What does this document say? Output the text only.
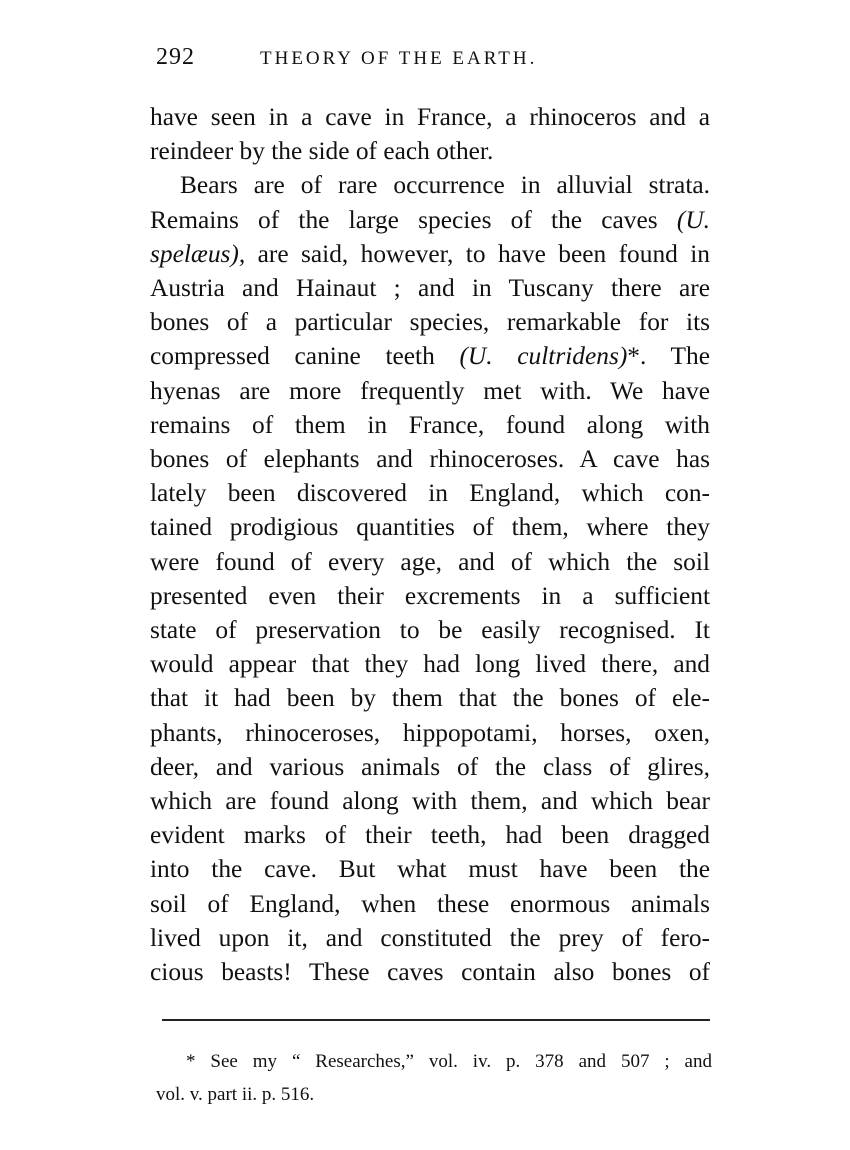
292	THEORY OF THE EARTH.
have seen in a cave in France, a rhinoceros and a
reindeer by the side of each other.
Bears are of rare occurrence in alluvial strata.
Remains of the large species of the caves (U.
spelæus), are said, however, to have been found in
Austria and Hainaut ; and in Tuscany there are
bones of a particular species, remarkable for its
compressed canine teeth (U. cultridens)*. The
hyenas are more frequently met with. We have
remains of them in France, found along with
bones of elephants and rhinoceroses. A cave has
lately been discovered in England, which con-
tained prodigious quantities of them, where they
were found of every age, and of which the soil
presented even their excrements in a sufficient
state of preservation to be easily recognised. It
would appear that they had long lived there, and
that it had been by them that the bones of ele-
phants, rhinoceroses, hippopotami, horses, oxen,
deer, and various animals of the class of glires,
which are found along with them, and which bear
evident marks of their teeth, had been dragged
into the cave. But what must have been the
soil of England, when these enormous animals
lived upon it, and constituted the prey of fero-
cious beasts! These caves contain also bones of
* See my “ Researches,” vol. iv. p. 378 and 507 ; and
vol. v. part ii. p. 516.
